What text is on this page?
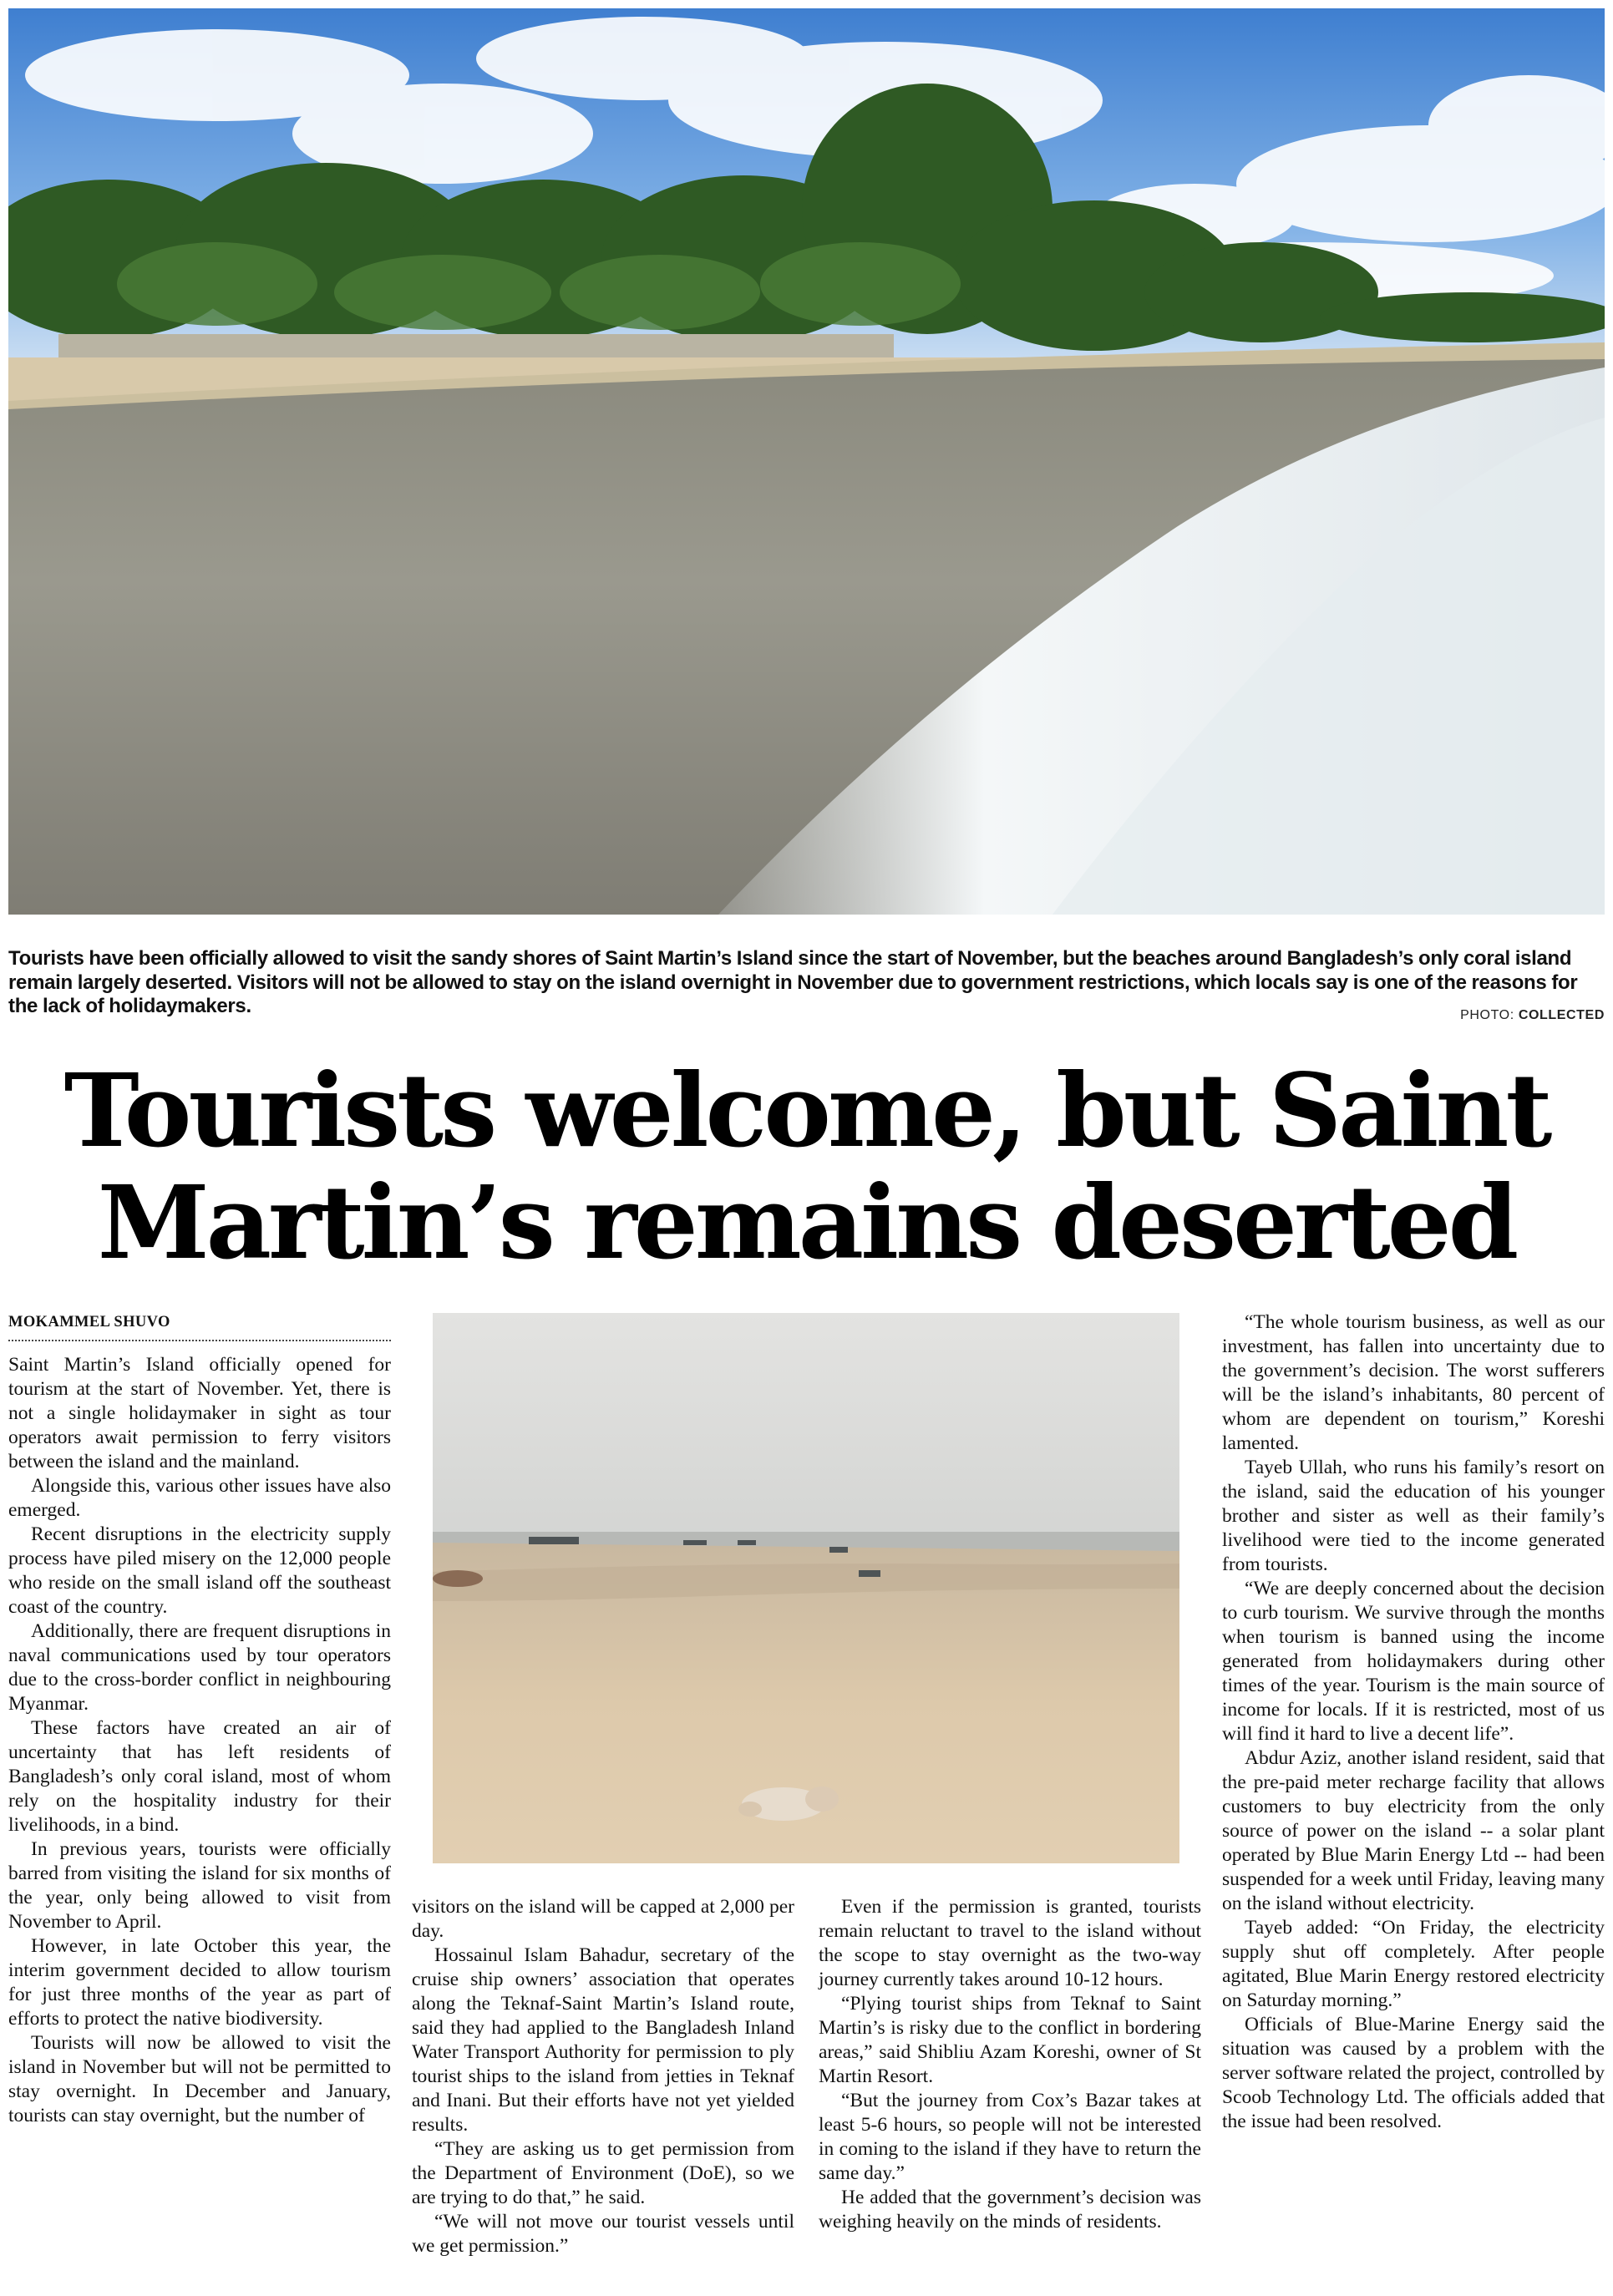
Tourists have been officially allowed to visit the sandy shores of Saint Martin’s Island since the start of November, but the beaches around Bangladesh’s only coral island remain largely deserted. Visitors will not be allowed to stay on the island overnight in November due to government restrictions, which locals say is one of the reasons for the lack of holidaymakers.	PHOTO: COLLECTED
Tourists welcome, but Saint
Martin’s remains deserted
MOKAMMEL SHUVO

Saint Martin’s Island officially opened for tourism at the start of November. Yet, there is not a single holidaymaker in sight as tour operators await permission to ferry visitors between the island and the mainland.

Alongside this, various other issues have also emerged.

Recent disruptions in the electricity supply process have piled misery on the 12,000 people who reside on the small island off the southeast coast of the country.

Additionally, there are frequent disruptions in naval communications used by tour operators due to the cross-border conflict in neighbouring Myanmar.

These factors have created an air of uncertainty that has left residents of Bangladesh’s only coral island, most of whom rely on the hospitality industry for their livelihoods, in a bind.

In previous years, tourists were officially barred from visiting the island for six months of the year, only being allowed to visit from November to April.

However, in late October this year, the interim government decided to allow tourism for just three months of the year as part of efforts to protect the native biodiversity.

Tourists will now be allowed to visit the island in November but will not be permitted to stay overnight. In December and January, tourists can stay overnight, but the number of

visitors on the island will be capped at 2,000 per day.

Hossainul Islam Bahadur, secretary of the cruise ship owners’ association that operates along the Teknaf-Saint Martin’s Island route, said they had applied to the Bangladesh Inland Water Transport Authority for permission to ply tourist ships to the island from jetties in Teknaf and Inani. But their efforts have not yet yielded results.

“They are asking us to get permission from the Department of Environment (DoE), so we are trying to do that,” he said.

“We will not move our tourist vessels until we get permission.”

Even if the permission is granted, tourists remain reluctant to travel to the island without the scope to stay overnight as the two-way journey currently takes around 10-12 hours.

“Plying tourist ships from Teknaf to Saint Martin’s is risky due to the conflict in bordering areas,” said Shibliu Azam Koreshi, owner of St Martin Resort.

“But the journey from Cox’s Bazar takes at least 5-6 hours, so people will not be interested in coming to the island if they have to return the same day.”

He added that the government’s decision was weighing heavily on the minds of residents.

“The whole tourism business, as well as our investment, has fallen into uncertainty due to the government’s decision. The worst sufferers will be the island’s inhabitants, 80 percent of whom are dependent on tourism,” Koreshi lamented.

Tayeb Ullah, who runs his family’s resort on the island, said the education of his younger brother and sister as well as their family’s livelihood were tied to the income generated from tourists.

“We are deeply concerned about the decision to curb tourism. We survive through the months when tourism is banned using the income generated from holidaymakers during other times of the year. Tourism is the main source of income for locals. If it is restricted, most of us will find it hard to live a decent life”.

Abdur Aziz, another island resident, said that the pre-paid meter recharge facility that allows customers to buy electricity from the only source of power on the island -- a solar plant operated by Blue Marin Energy Ltd -- had been suspended for a week until Friday, leaving many on the island without electricity.

Tayeb added: “On Friday, the electricity supply shut off completely. After people agitated, Blue Marin Energy restored electricity on Saturday morning.”

Officials of Blue-Marine Energy said the situation was caused by a problem with the server software related the project, controlled by Scoob Technology Ltd. The officials added that the issue had been resolved.
